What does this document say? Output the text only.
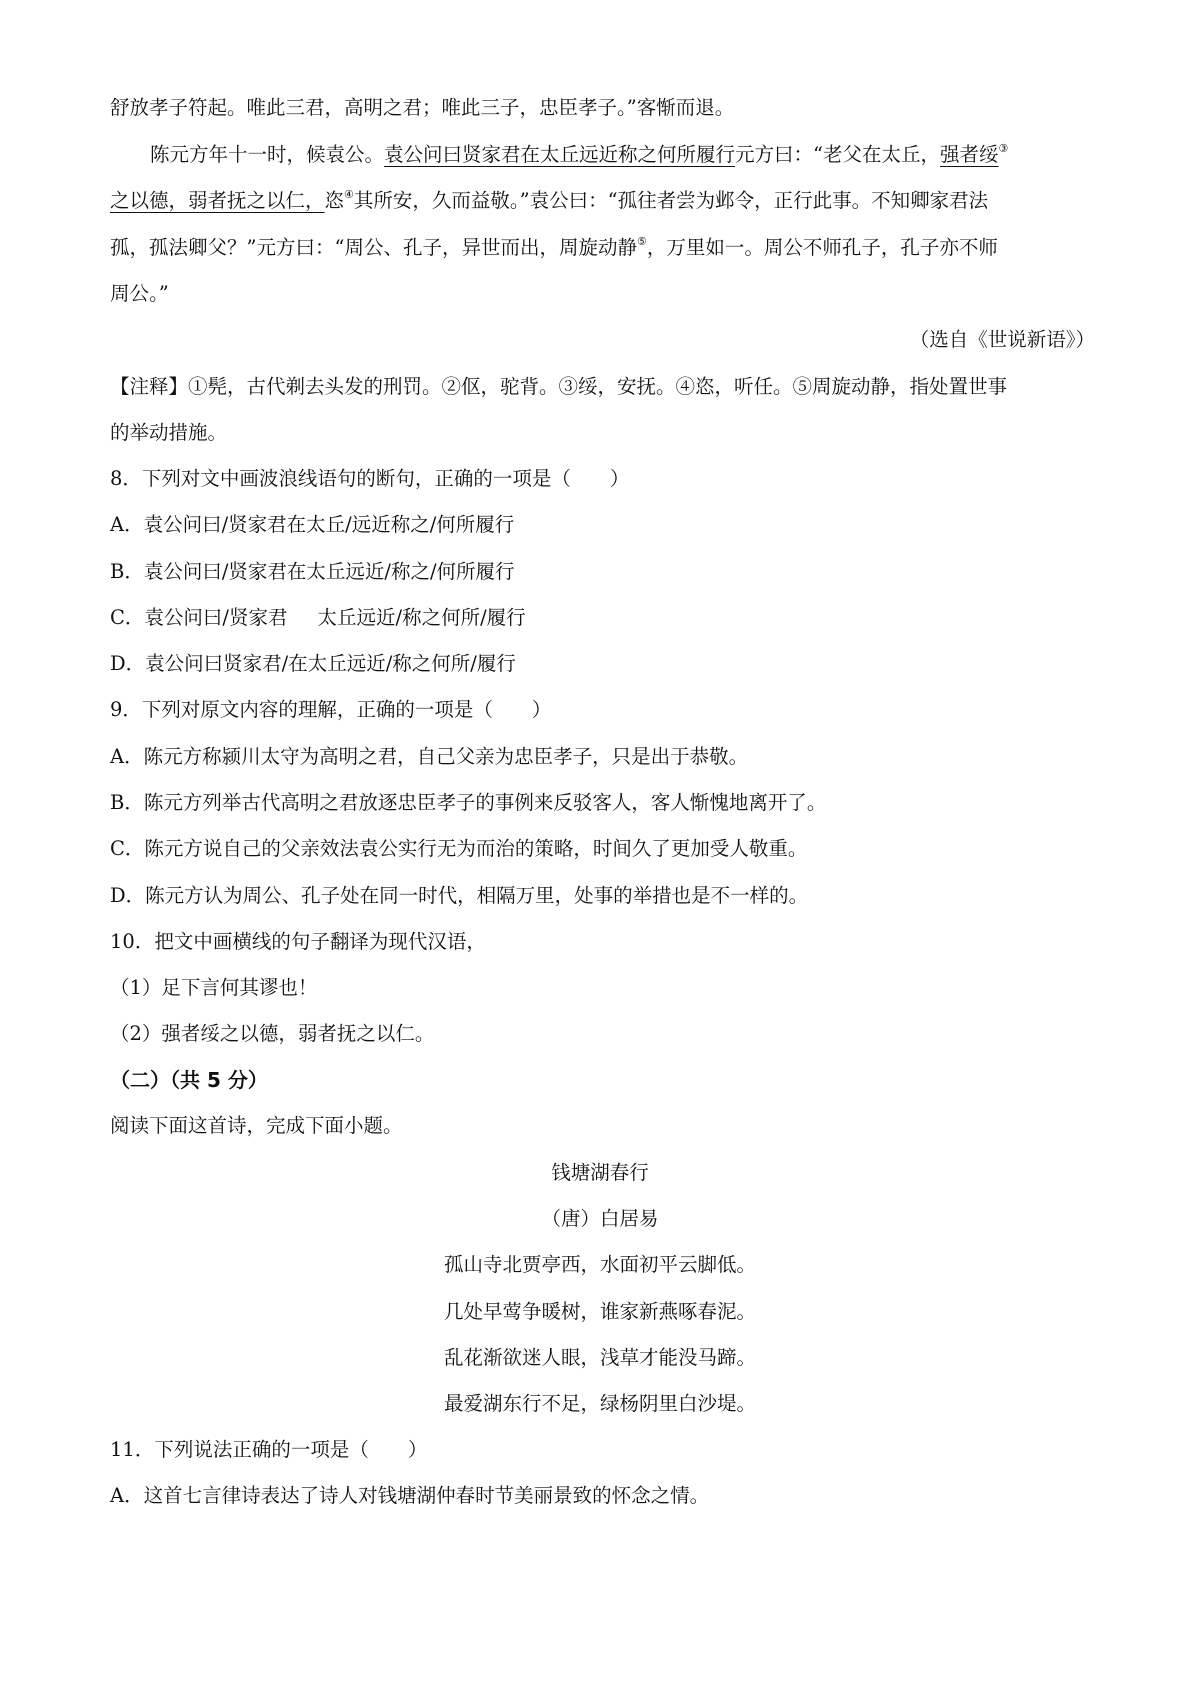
舒放孝子符起。唯此三君，高明之君；唯此三子，忠臣孝子。”客惭而退。
陈元方年十一时，候袁公。袁公问曰贤家君在太丘远近称之何所履行元方曰：“老父在太丘，强者绥③
之以德，弱者抚之以仁，恣④其所安，久而益敬。”袁公曰：“孤往者尝为邺令，正行此事。不知卿家君法
孤，孤法卿父？”元方曰：“周公、孔子，异世而出，周旋动静⑤，万里如一。周公不师孔子，孔子亦不师
周公。”
（选自《世说新语》）
【注释】①髡，古代剃去头发的刑罚。②伛，驼背。③绥，安抚。④恣，听任。⑤周旋动静，指处置世事
的举动措施。
8．下列对文中画波浪线语句的断句，正确的一项是（　　）
A．袁公问曰/贤家君在太丘/远近称之/何所履行
B．袁公问曰/贤家君在太丘远近/称之/何所履行
C．袁公问曰/贤家君 太丘远近/称之何所/履行
D．袁公问曰贤家君/在太丘远近/称之何所/履行
9．下列对原文内容的理解，正确的一项是（　　）
A．陈元方称颍川太守为高明之君，自己父亲为忠臣孝子，只是出于恭敬。
B．陈元方列举古代高明之君放逐忠臣孝子的事例来反驳客人，客人惭愧地离开了。
C．陈元方说自己的父亲效法袁公实行无为而治的策略，时间久了更加受人敬重。
D．陈元方认为周公、孔子处在同一时代，相隔万里，处事的举措也是不一样的。
10．把文中画横线的句子翻译为现代汉语，
（1）足下言何其谬也！
（2）强者绥之以德，弱者抚之以仁。
（二）（共 5 分）
阅读下面这首诗，完成下面小题。
钱塘湖春行
（唐）白居易
孤山寺北贾亭西，水面初平云脚低。
几处早莺争暖树，谁家新燕啄春泥。
乱花渐欲迷人眼，浅草才能没马蹄。
最爱湖东行不足，绿杨阴里白沙堤。
11．下列说法正确的一项是（　　）
A．这首七言律诗表达了诗人对钱塘湖仲春时节美丽景致的怀念之情。
